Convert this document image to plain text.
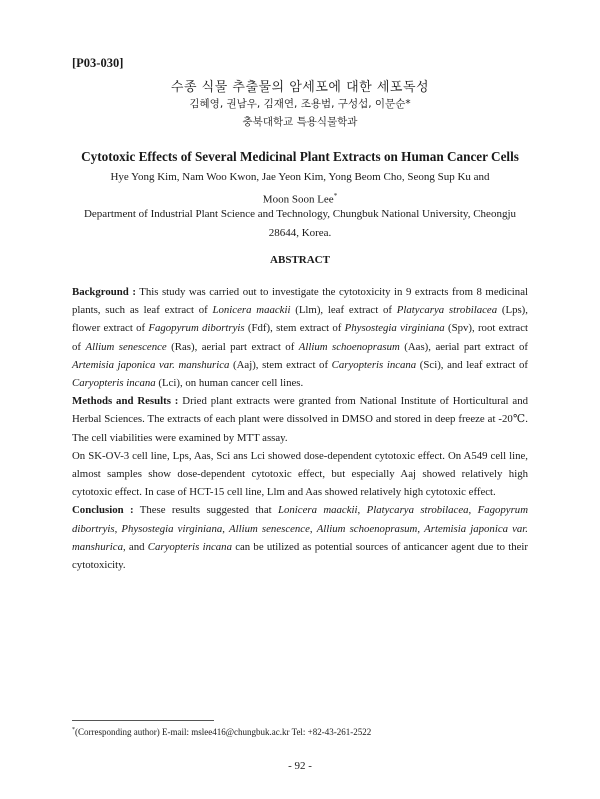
[P03-030]
수종 식물 추출물의 암세포에 대한 세포독성
김혜영, 권남우, 김재연, 조용범, 구성섭, 이문순*
충북대학교 특용식물학과
Cytotoxic Effects of Several Medicinal Plant Extracts on Human Cancer Cells
Hye Yong Kim, Nam Woo Kwon, Jae Yeon Kim, Yong Beom Cho, Seong Sup Ku and
Moon Soon Lee*
Department of Industrial Plant Science and Technology, Chungbuk National University, Cheongju 28644, Korea.
ABSTRACT

Background : This study was carried out to investigate the cytotoxicity in 9 extracts from 8 medicinal plants, such as leaf extract of Lonicera maackii (Llm), leaf extract of Platycarya strobilacea (Lps), flower extract of Fagopyrum dibortryis (Fdf), stem extract of Physostegia virginiana (Spv), root extract of Allium senescence (Ras), aerial part extract of Allium schoenoprasum (Aas), aerial part extract of Artemisia japonica var. manshurica (Aaj), stem extract of Caryopteris incana (Sci), and leaf extract of Caryopteris incana (Lci), on human cancer cell lines.

Methods and Results : Dried plant extracts were granted from National Institute of Horticultural and Herbal Sciences. The extracts of each plant were dissolved in DMSO and stored in deep freeze at -20℃. The cell viabilities were examined by MTT assay.

On SK-OV-3 cell line, Lps, Aas, Sci ans Lci showed dose-dependent cytotoxic effect. On A549 cell line, almost samples show dose-dependent cytotoxic effect, but especially Aaj showed relatively high cytotoxic effect. In case of HCT-15 cell line, Llm and Aas showed relatively high cytotoxic effect.

Conclusion : These results suggested that Lonicera maackii, Platycarya strobilacea, Fagopyrum dibortryis, Physostegia virginiana, Allium senescence, Allium schoenoprasum, Artemisia japonica var. manshurica, and Caryopteris incana can be utilized as potential sources of anticancer agent due to their cytotoxicity.

*(Corresponding author) E-mail: mslee416@chungbuk.ac.kr Tel: +82-43-261-2522
- 92 -
